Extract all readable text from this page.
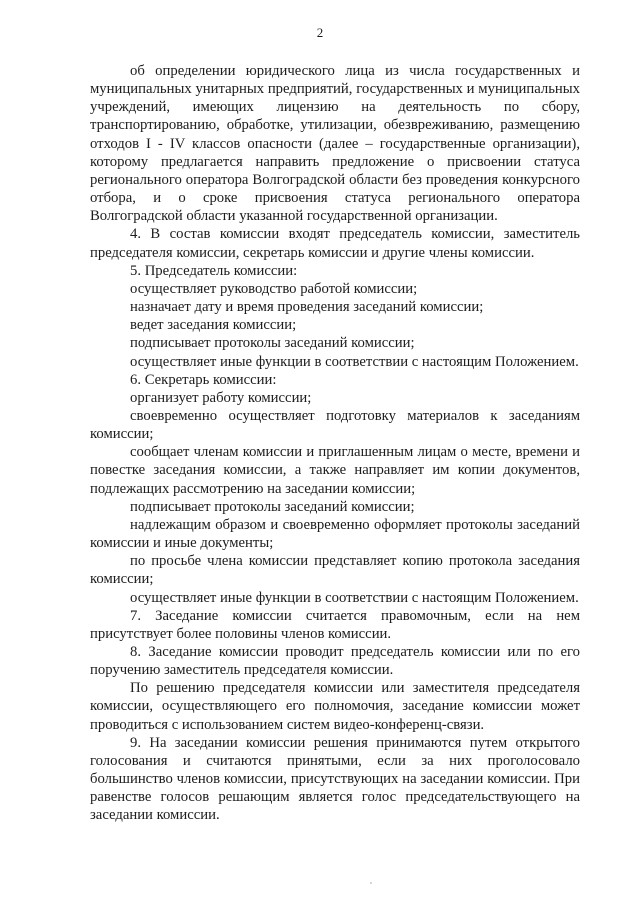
2

об определении юридического лица из числа государственных и муниципальных унитарных предприятий, государственных и муниципальных учреждений, имеющих лицензию на деятельность по сбору, транспортированию, обработке, утилизации, обезвреживанию, размещению отходов I - IV классов опасности (далее – государственные организации), которому предлагается направить предложение о присвоении статуса регионального оператора Волгоградской области без проведения конкурсного отбора, и о сроке присвоения статуса регионального оператора Волгоградской области указанной государственной организации.

4. В состав комиссии входят председатель комиссии, заместитель председателя комиссии, секретарь комиссии и другие члены комиссии.

5. Председатель комиссии:

осуществляет руководство работой комиссии;

назначает дату и время проведения заседаний комиссии;

ведет заседания комиссии;

подписывает протоколы заседаний комиссии;

осуществляет иные функции в соответствии с настоящим Положением.

6. Секретарь комиссии:

организует работу комиссии;

своевременно осуществляет подготовку материалов к заседаниям комиссии;

сообщает членам комиссии и приглашенным лицам о месте, времени и повестке заседания комиссии, а также направляет им копии документов, подлежащих рассмотрению на заседании комиссии;

подписывает протоколы заседаний комиссии;

надлежащим образом и своевременно оформляет протоколы заседаний комиссии и иные документы;

по просьбе члена комиссии представляет копию протокола заседания комиссии;

осуществляет иные функции в соответствии с настоящим Положением.

7. Заседание комиссии считается правомочным, если на нем присутствует более половины членов комиссии.

8. Заседание комиссии проводит председатель комиссии или по его поручению заместитель председателя комиссии.

По решению председателя комиссии или заместителя председателя комиссии, осуществляющего его полномочия, заседание комиссии может проводиться с использованием систем видео-конференц-связи.

9. На заседании комиссии решения принимаются путем открытого голосования и считаются принятыми, если за них проголосовало большинство членов комиссии, присутствующих на заседании комиссии. При равенстве голосов решающим является голос председательствующего на заседании комиссии.
